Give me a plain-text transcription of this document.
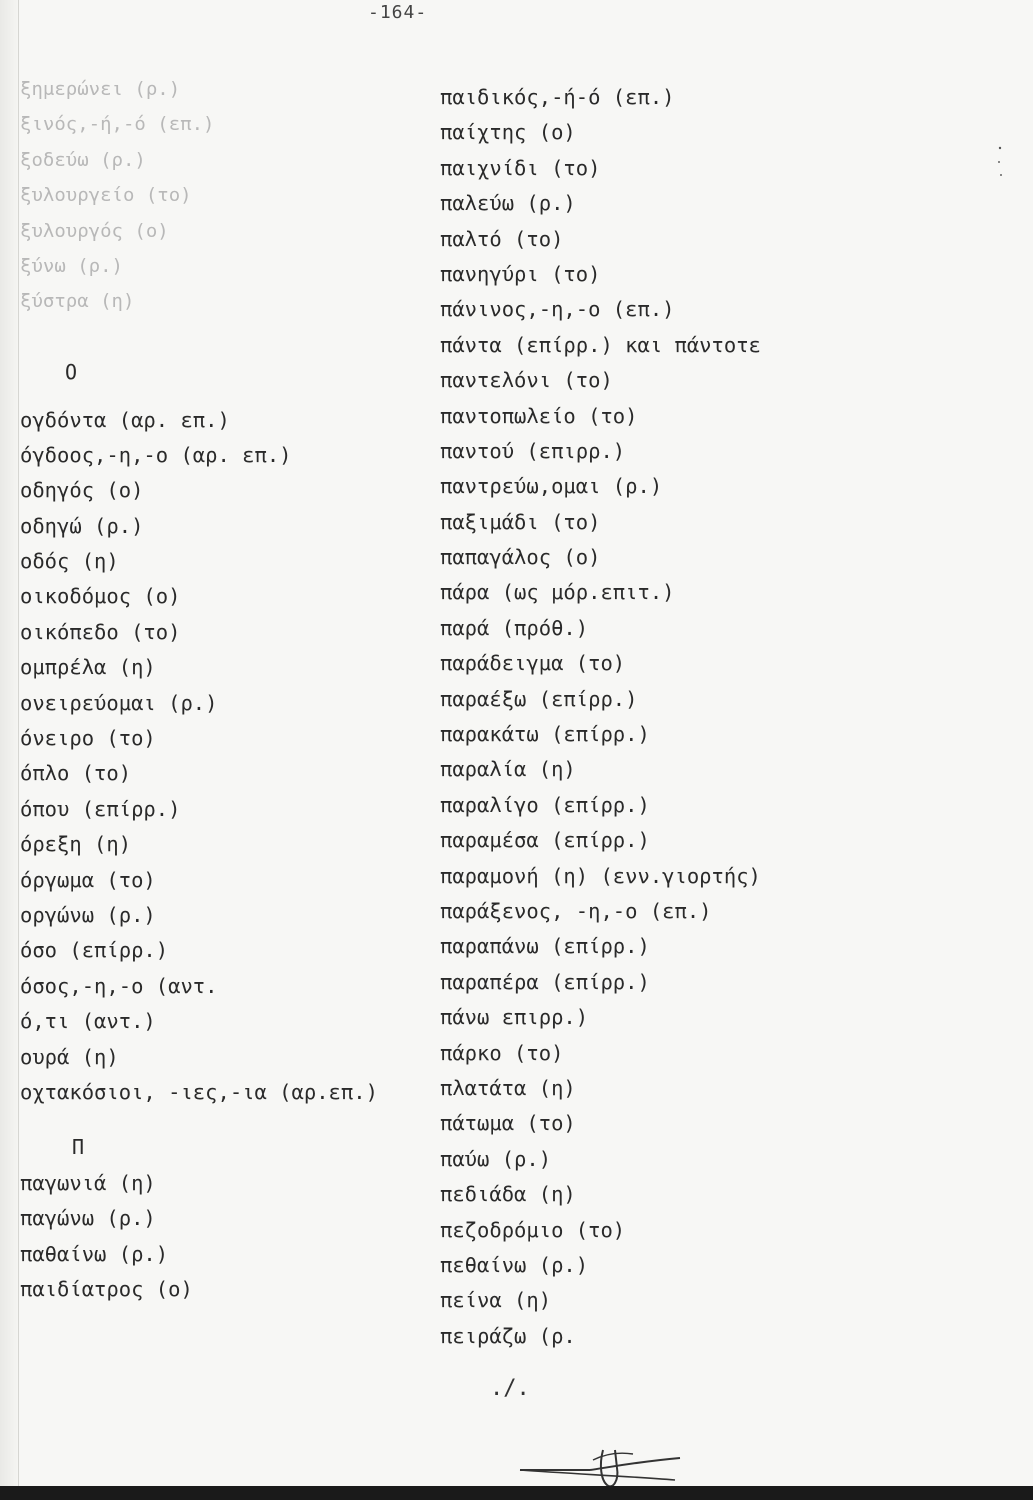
-164-
ξημερώνει (ρ.)
ξινός,-ή,-ό (επ.)
ξοδεύω (ρ.)
ξυλουργείο (το)
ξυλουργός (ο)
ξύνω (ρ.)
ξύστρα (η)
Ο
ογδόντα (αρ. επ.)
όγδοος,-η,-ο (αρ. επ.)
οδηγός (ο)
οδηγώ (ρ.)
οδός (η)
οικοδόμος (ο)
οικόπεδο (το)
ομπρέλα (η)
ονειρεύομαι (ρ.)
όνειρο (το)
όπλο (το)
όπου (επίρρ.)
όρεξη (η)
όργωμα (το)
οργώνω (ρ.)
όσο (επίρρ.)
όσος,-η,-ο (αντ.
ό,τι (αντ.)
ουρά (η)
οχτακόσιοι, -ιες,-ια (αρ.επ.)
Π
παγωνιά (η)
παγώνω (ρ.)
παθαίνω (ρ.)
παιδίατρος (ο)
παιδικός,-ή-ό (επ.)
παίχτης (ο)
παιχνίδι (το)
παλεύω (ρ.)
παλτό (το)
πανηγύρι (το)
πάνινος,-η,-ο (επ.)
πάντα (επίρρ.) και πάντοτε
παντελόνι (το)
παντοπωλείο (το)
παντού (επιρρ.)
παντρεύω,ομαι (ρ.)
παξιμάδι (το)
παπαγάλος (ο)
πάρα (ως μόρ.επιτ.)
παρά (πρόθ.)
παράδειγμα (το)
παραέξω (επίρρ.)
παρακάτω (επίρρ.)
παραλία (η)
παραλίγο (επίρρ.)
παραμέσα (επίρρ.)
παραμονή (η) (ενν.γιορτής)
παράξενος, -η,-ο (επ.)
παραπάνω (επίρρ.)
παραπέρα (επίρρ.)
πάνω επιρρ.)
πάρκο (το)
πλατάτα (η)
πάτωμα (το)
παύω (ρ.)
πεδιάδα (η)
πεζοδρόμιο (το)
πεθαίνω (ρ.)
πείνα (η)
πειράζω (ρ.
./.
